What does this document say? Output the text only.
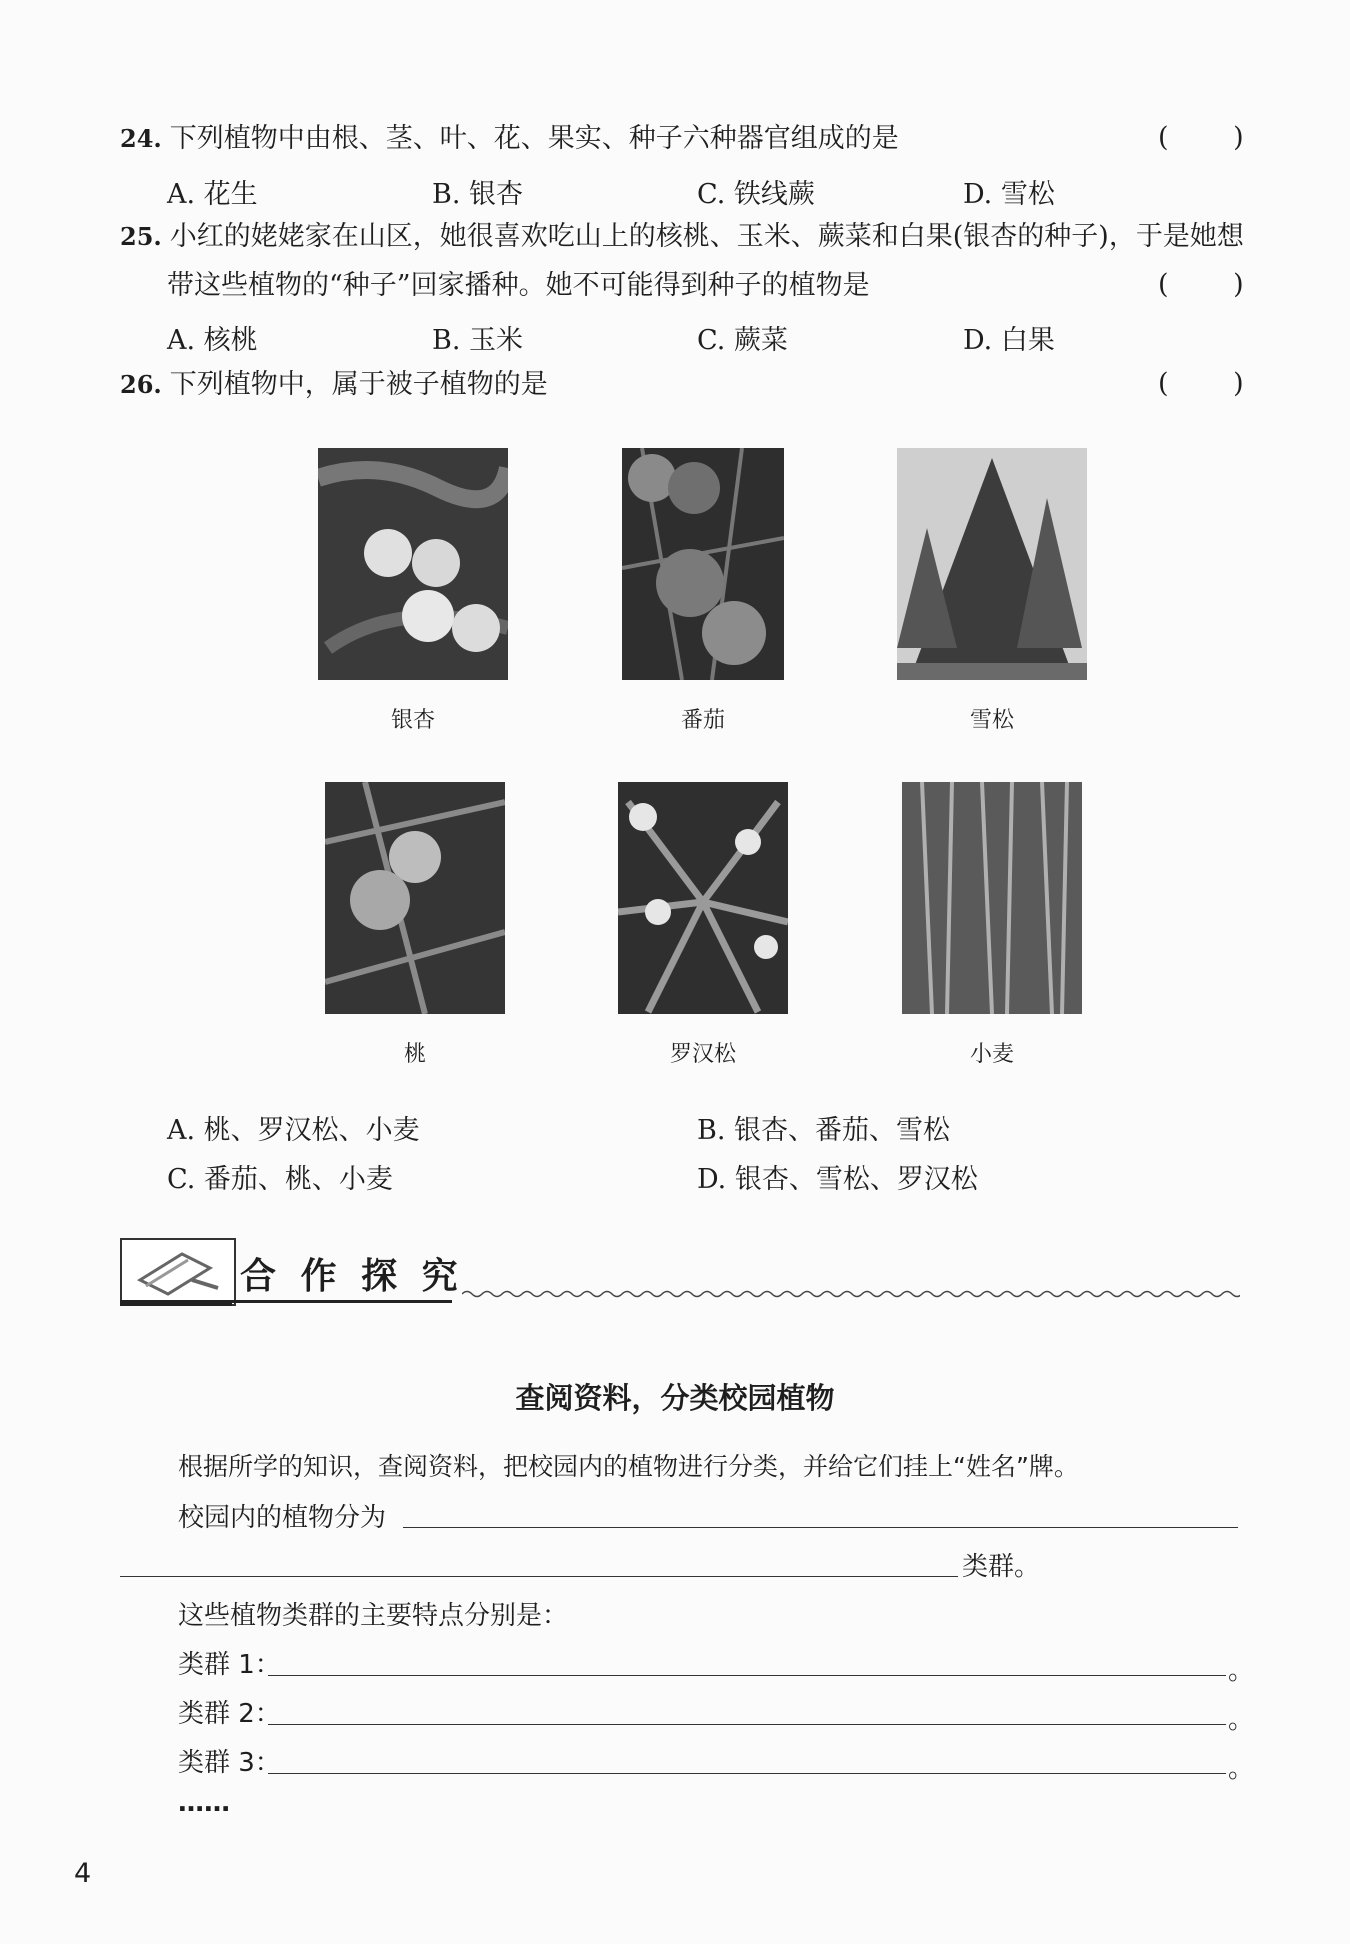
24. 下列植物中由根、茎、叶、花、果实、种子六种器官组成的是	( )
A. 花生	B. 银杏	C. 铁线蕨	D. 雪松
25. 小红的姥姥家在山区，她很喜欢吃山上的核桃、玉米、蕨菜和白果(银杏的种子)，于是她想
带这些植物的“种子”回家播种。她不可能得到种子的植物是	( )
A. 核桃	B. 玉米	C. 蕨菜	D. 白果
26. 下列植物中，属于被子植物的是	( )
银杏	番茄	雪松
桃	罗汉松	小麦
A. 桃、罗汉松、小麦	B. 银杏、番茄、雪松
C. 番茄、桃、小麦	D. 银杏、雪松、罗汉松
合 作 探 究
查阅资料，分类校园植物
根据所学的知识，查阅资料，把校园内的植物进行分类，并给它们挂上“姓名”牌。
校园内的植物分为
类群。
这些植物类群的主要特点分别是：
类群 1：	。
类群 2：	。
类群 3：	。
……
4
